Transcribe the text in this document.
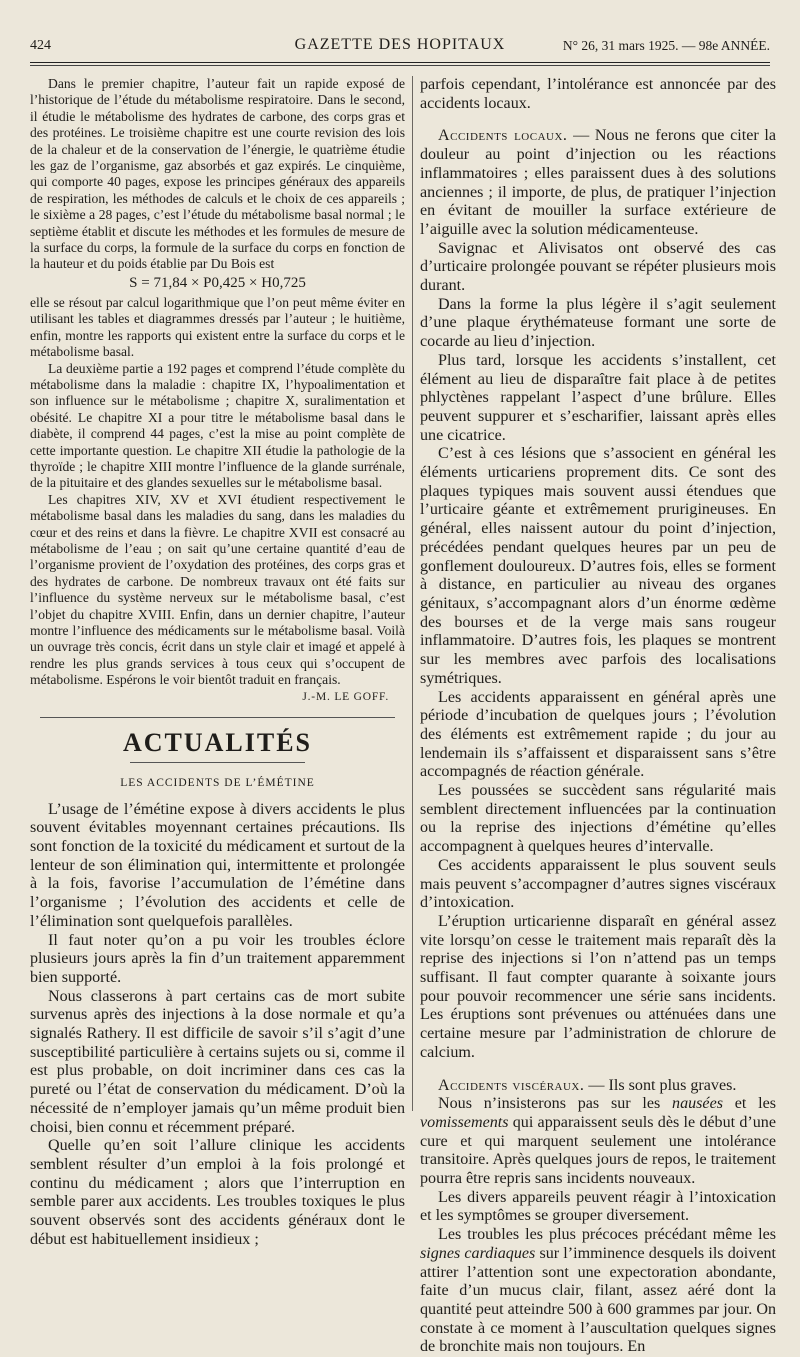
424	GAZETTE DES HOPITAUX	N° 26, 31 mars 1925. — 98e ANNÉE.

Dans le premier chapitre, l’auteur fait un rapide exposé de l’historique de l’étude du métabolisme respiratoire. Dans le second, il étudie le métabolisme des hydrates de carbone, des corps gras et des protéines. Le troisième chapitre est une courte revision des lois de la chaleur et de la conservation de l’énergie, le quatrième étudie les gaz de l’organisme, gaz absorbés et gaz expirés. Le cinquième, qui comporte 40 pages, expose les principes généraux des appareils de respiration, les méthodes de calculs et le choix de ces appareils ; le sixième a 28 pages, c’est l’étude du métabolisme basal normal ; le septième établit et discute les méthodes et les formules de mesure de la surface du corps, la formule de la surface du corps en fonction de la hauteur et du poids établie par Du Bois est

S = 71,84 × P0,425 × H0,725

elle se résout par calcul logarithmique que l’on peut même éviter en utilisant les tables et diagrammes dressés par l’auteur ; le huitième, enfin, montre les rapports qui existent entre la surface du corps et le métabolisme basal.

La deuxième partie a 192 pages et comprend l’étude complète du métabolisme dans la maladie : chapitre IX, l’hypoalimentation et son influence sur le métabolisme ; chapitre X, suralimentation et obésité. Le chapitre XI a pour titre le métabolisme basal dans le diabète, il comprend 44 pages, c’est la mise au point complète de cette importante question. Le chapitre XII étudie la pathologie de la thyroïde ; le chapitre XIII montre l’influence de la glande surrénale, de la pituitaire et des glandes sexuelles sur le métabolisme basal.

Les chapitres XIV, XV et XVI étudient respectivement le métabolisme basal dans les maladies du sang, dans les maladies du cœur et des reins et dans la fièvre. Le chapitre XVII est consacré au métabolisme de l’eau ; on sait qu’une certaine quantité d’eau de l’organisme provient de l’oxydation des protéines, des corps gras et des hydrates de carbone. De nombreux travaux ont été faits sur l’influence du système nerveux sur le métabolisme basal, c’est l’objet du chapitre XVIII. Enfin, dans un dernier chapitre, l’auteur montre l’influence des médicaments sur le métabolisme basal. Voilà un ouvrage très concis, écrit dans un style clair et imagé et appelé à rendre les plus grands services à tous ceux qui s’occupent de métabolisme. Espérons le voir bientôt traduit en français.

J.-M. LE GOFF.
ACTUALITÉS
LES ACCIDENTS DE L’ÉMÉTINE

L’usage de l’émétine expose à divers accidents le plus souvent évitables moyennant certaines précautions. Ils sont fonction de la toxicité du médicament et surtout de la lenteur de son élimination qui, intermittente et prolongée à la fois, favorise l’accumulation de l’émétine dans l’organisme ; l’évolution des accidents et celle de l’élimination sont quelquefois parallèles.

Il faut noter qu’on a pu voir les troubles éclore plusieurs jours après la fin d’un traitement apparemment bien supporté.

Nous classerons à part certains cas de mort subite survenus après des injections à la dose normale et qu’a signalés Rathery. Il est difficile de savoir s’il s’agit d’une susceptibilité particulière à certains sujets ou si, comme il est plus probable, on doit incriminer dans ces cas la pureté ou l’état de conservation du médicament. D’où la nécessité de n’employer jamais qu’un même produit bien choisi, bien connu et récemment préparé.

Quelle qu’en soit l’allure clinique les accidents semblent résulter d’un emploi à la fois prolongé et continu du médicament ; alors que l’interruption en semble parer aux accidents. Les troubles toxiques le plus souvent observés sont des accidents généraux dont le début est habituellement insidieux ;

parfois cependant, l’intolérance est annoncée par des accidents locaux.

Accidents locaux. — Nous ne ferons que citer la douleur au point d’injection ou les réactions inflammatoires ; elles paraissent dues à des solutions anciennes ; il importe, de plus, de pratiquer l’injection en évitant de mouiller la surface extérieure de l’aiguille avec la solution médicamenteuse.

Savignac et Alivisatos ont observé des cas d’urticaire prolongée pouvant se répéter plusieurs mois durant.

Dans la forme la plus légère il s’agit seulement d’une plaque érythémateuse formant une sorte de cocarde au lieu d’injection.

Plus tard, lorsque les accidents s’installent, cet élément au lieu de disparaître fait place à de petites phlyctènes rappelant l’aspect d’une brûlure. Elles peuvent suppurer et s’escharifier, laissant après elles une cicatrice.

C’est à ces lésions que s’associent en général les éléments urticariens proprement dits. Ce sont des plaques typiques mais souvent aussi étendues que l’urticaire géante et extrêmement prurigineuses. En général, elles naissent autour du point d’injection, précédées pendant quelques heures par un peu de gonflement douloureux. D’autres fois, elles se forment à distance, en particulier au niveau des organes génitaux, s’accompagnant alors d’un énorme œdème des bourses et de la verge mais sans rougeur inflammatoire. D’autres fois, les plaques se montrent sur les membres avec parfois des localisations symétriques.

Les accidents apparaissent en général après une période d’incubation de quelques jours ; l’évolution des éléments est extrêmement rapide ; du jour au lendemain ils s’affaissent et disparaissent sans s’être accompagnés de réaction générale.

Les poussées se succèdent sans régularité mais semblent directement influencées par la continuation ou la reprise des injections d’émétine qu’elles accompagnent à quelques heures d’intervalle.

Ces accidents apparaissent le plus souvent seuls mais peuvent s’accompagner d’autres signes viscéraux d’intoxication.

L’éruption urticarienne disparaît en général assez vite lorsqu’on cesse le traitement mais reparaît dès la reprise des injections si l’on n’attend pas un temps suffisant. Il faut compter quarante à soixante jours pour pouvoir recommencer une série sans incidents. Les éruptions sont prévenues ou atténuées dans une certaine mesure par l’administration de chlorure de calcium.

Accidents viscéraux. — Ils sont plus graves.

Nous n’insisterons pas sur les nausées et les vomissements qui apparaissent seuls dès le début d’une cure et qui marquent seulement une intolérance transitoire. Après quelques jours de repos, le traitement pourra être repris sans incidents nouveaux.

Les divers appareils peuvent réagir à l’intoxication et les symptômes se grouper diversement.

Les troubles les plus précoces précédant même les signes cardiaques sur l’imminence desquels ils doivent attirer l’attention sont une expectoration abondante, faite d’un mucus clair, filant, assez aéré dont la quantité peut atteindre 500 à 600 grammes par jour. On constate à ce moment à l’auscultation quelques signes de bronchite mais non toujours. En
